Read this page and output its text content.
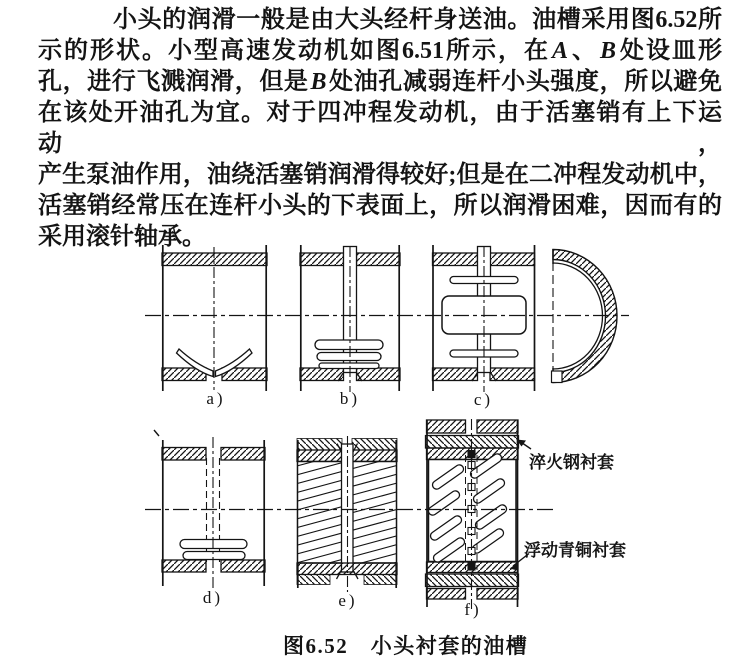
小头的润滑一般是由大头经杆身送油。油槽采用图6.52所
示的形状。小型高速发动机如图6.51所示，在A、B处设皿形
孔，进行飞溅润滑，但是B处油孔减弱连杆小头强度，所以避免
在该处开油孔为宜。对于四冲程发动机，由于活塞销有上下运动，
产生泵油作用，油绕活塞销润滑得较好;但是在二冲程发动机中，
活塞销经常压在连杆小头的下表面上，所以润滑困难，因而有的
采用滚针轴承。
a)	b)	c)
d)	e)	f)
淬火钢衬套
浮动青铜衬套
图6.52　小头衬套的油槽
